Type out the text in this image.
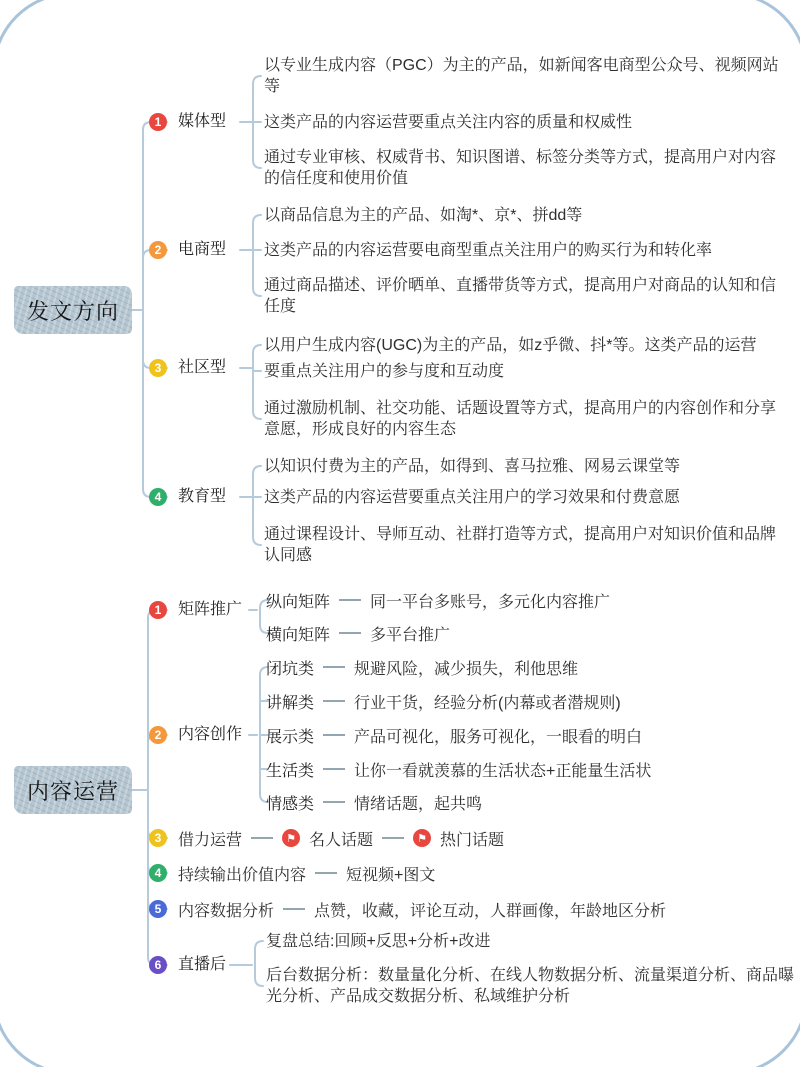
发文方向
内容运营
1	媒体型
以专业生成内容（PGC）为主的产品，如新闻客电商型公众号、视频网站等
这类产品的内容运营要重点关注内容的质量和权威性
通过专业审核、权威背书、知识图谱、标签分类等方式，提高用户对内容的信任度和使用价值
2	电商型
以商品信息为主的产品、如淘*、京*、拼dd等
这类产品的内容运营要电商型重点关注用户的购买行为和转化率
通过商品描述、评价晒单、直播带货等方式，提高用户对商品的认知和信任度
3	社区型
以用户生成内容(UGC)为主的产品，如z乎微、抖*等。这类产品的运营
要重点关注用户的参与度和互动度
通过激励机制、社交功能、话题设置等方式，提高用户的内容创作和分享意愿，形成良好的内容生态
4	教育型
以知识付费为主的产品，如得到、喜马拉雅、网易云课堂等
这类产品的内容运营要重点关注用户的学习效果和付费意愿
通过课程设计、导师互动、社群打造等方式，提高用户对知识价值和品牌认同感
1	矩阵推广 纵向矩阵	同一平台多账号，多元化内容推广
横向矩阵	多平台推广
2	内容创作
闭坑类	规避风险，减少损失，利他思维
讲解类	行业干货，经验分析(内幕或者潜规则)
展示类	产品可视化，服务可视化，一眼看的明白
生活类	让你一看就羡慕的生活状态+正能量生活状
情感类	情绪话题，起共鸣
3	借力运营	⚑ 名人话题	⚑ 热门话题
4	持续输出价值内容	短视频+图文
5	内容数据分析	点赞，收藏，评论互动，人群画像，年龄地区分析
6	直播后
复盘总结:回顾+反思+分析+改进
后台数据分析：数量量化分析、在线人物数据分析、流量渠道分析、商品曝光分析、产品成交数据分析、私域维护分析
